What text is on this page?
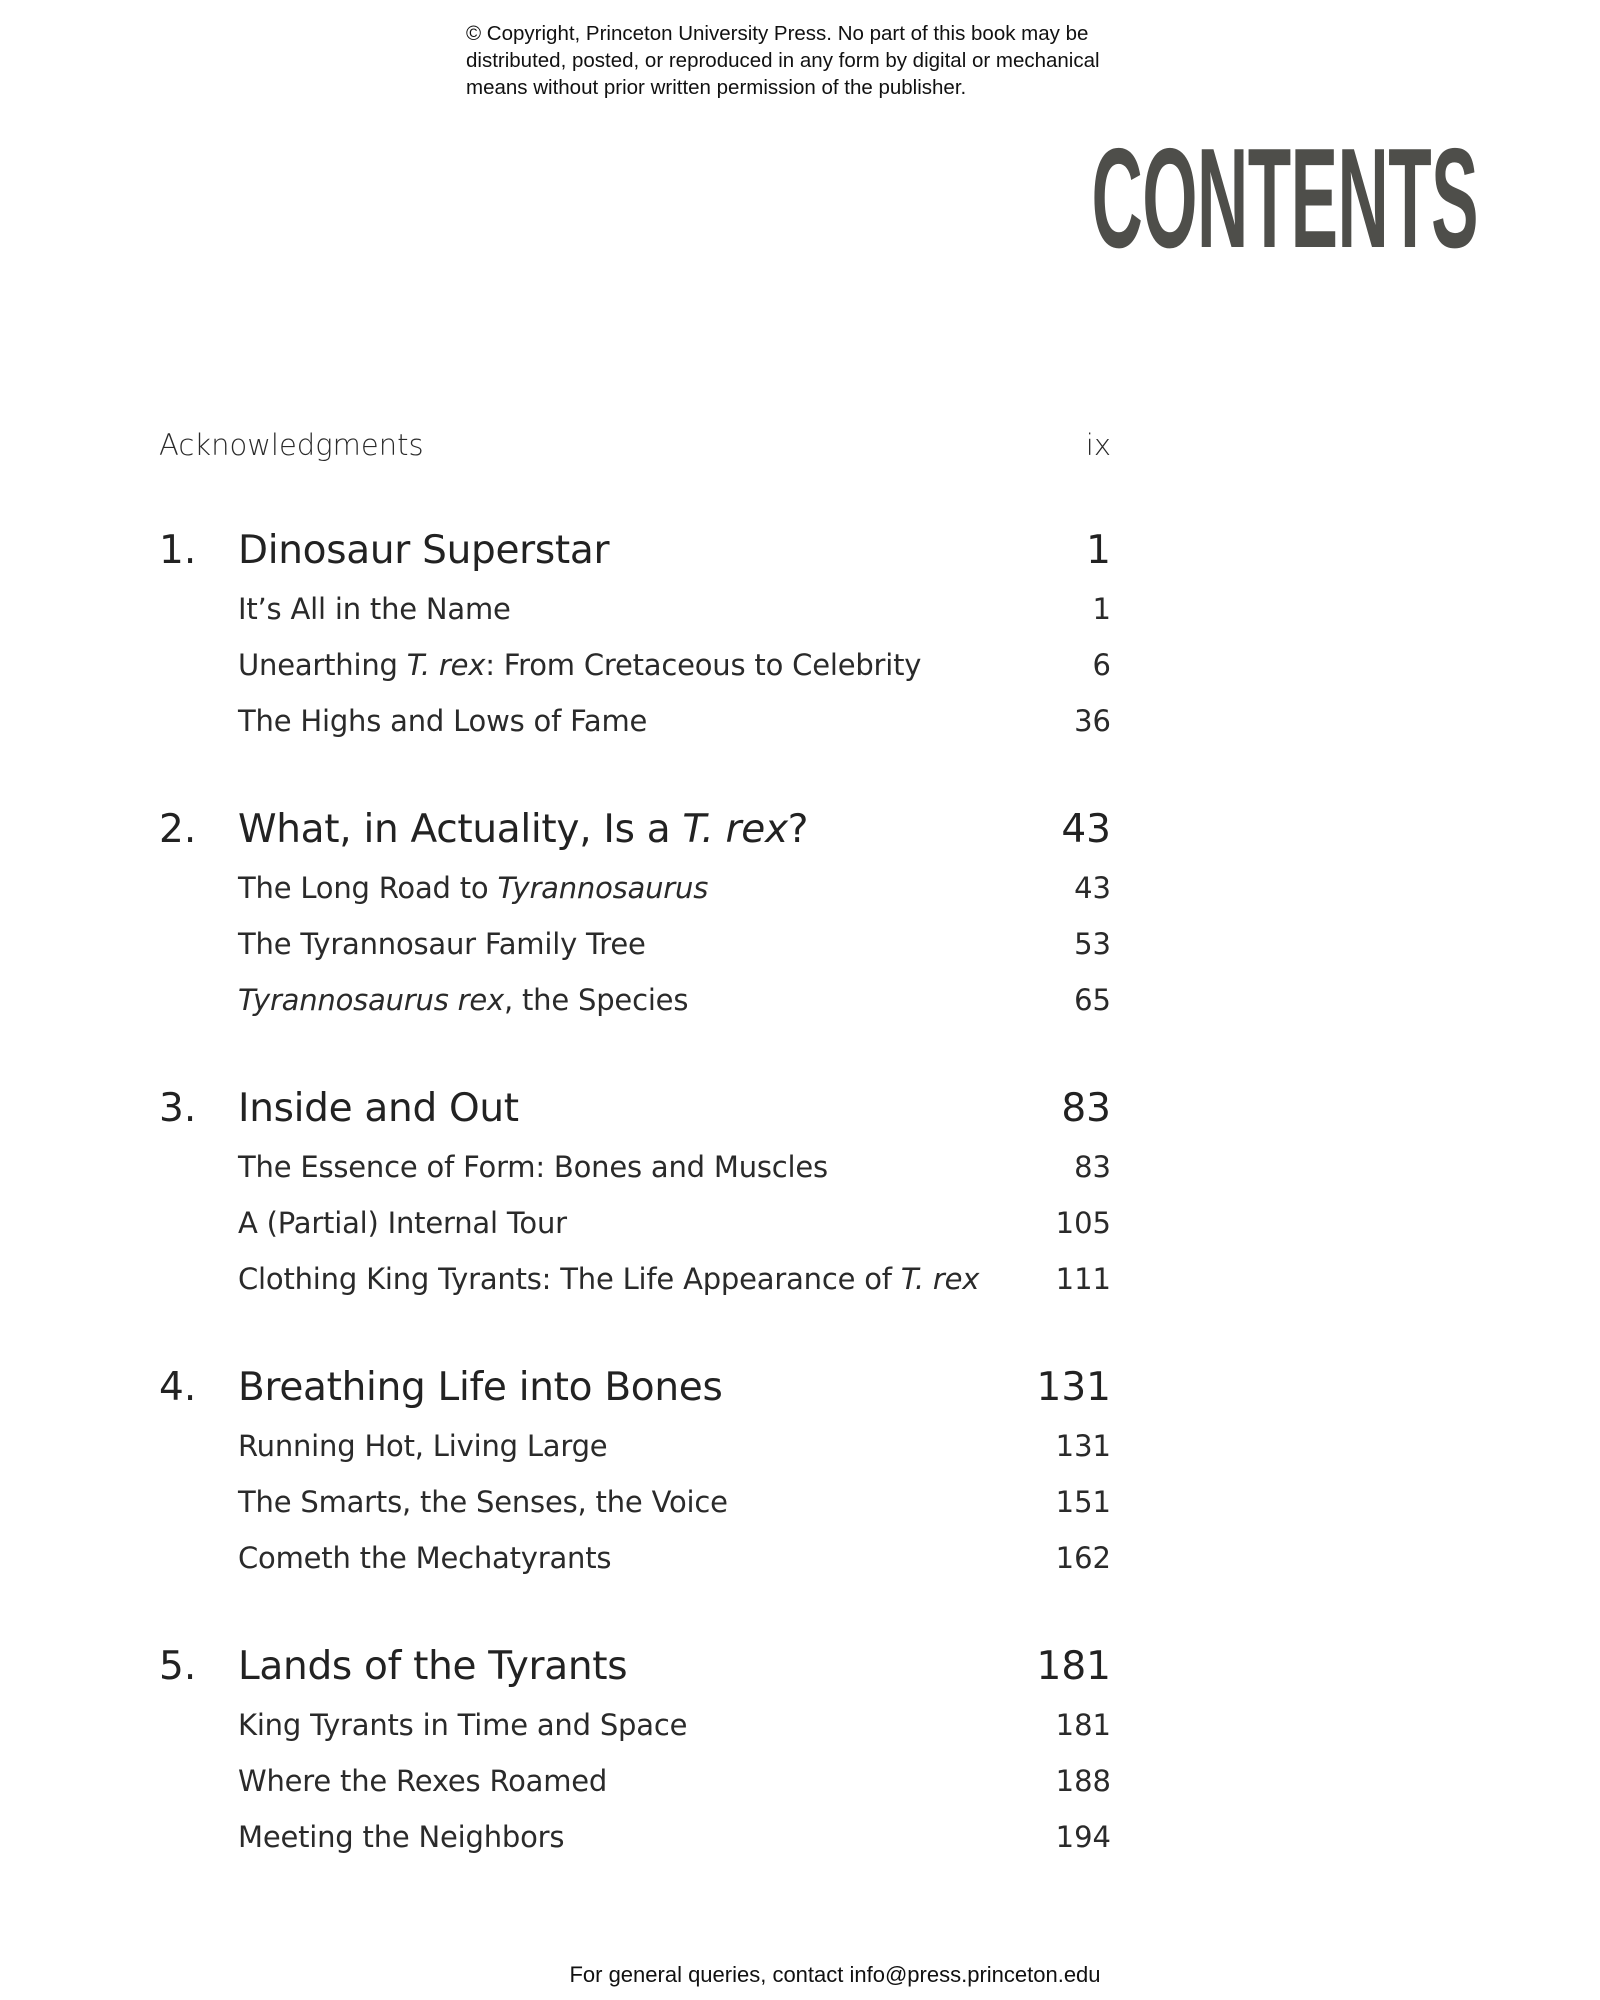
© Copyright, Princeton University Press. No part of this book may be
distributed, posted, or reproduced in any form by digital or mechanical
means without prior written permission of the publisher.
CONTENTS
Acknowledgments	ix
1. Dinosaur Superstar	1
It’s All in the Name	1
Unearthing T. rex: From Cretaceous to Celebrity	6
The Highs and Lows of Fame	36
2. What, in Actuality, Is a T. rex?	43
The Long Road to Tyrannosaurus	43
The Tyrannosaur Family Tree	53
Tyrannosaurus rex, the Species	65
3. Inside and Out	83
The Essence of Form: Bones and Muscles	83
A (Partial) Internal Tour	105
Clothing King Tyrants: The Life Appearance of T. rex	111
4. Breathing Life into Bones	131
Running Hot, Living Large	131
The Smarts, the Senses, the Voice	151
Cometh the Mechatyrants	162
5. Lands of the Tyrants	181
King Tyrants in Time and Space	181
Where the Rexes Roamed	188
Meeting the Neighbors	194
For general queries, contact info@press.princeton.edu
